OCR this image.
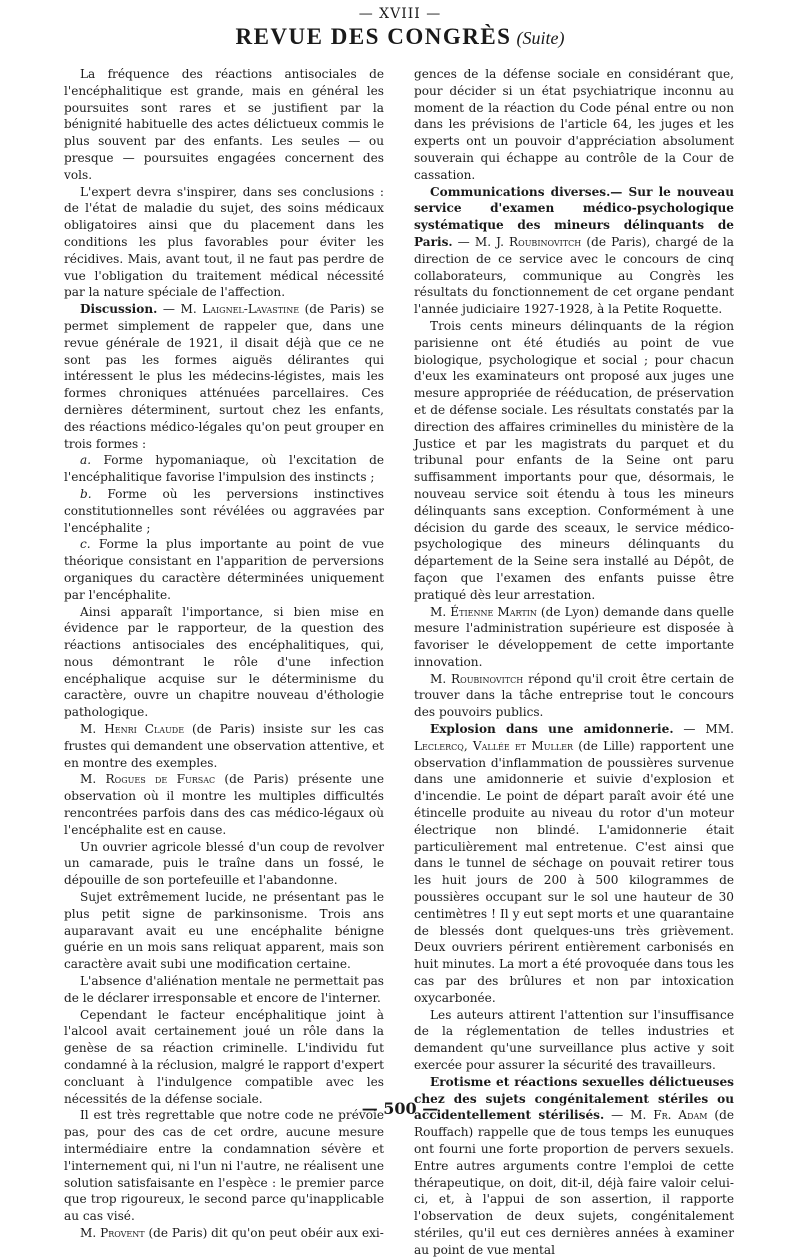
— XVIII —
REVUE DES CONGRÈS (Suite)

La fréquence des réactions antisociales de l'encéphalitique est grande, mais en général les poursuites sont rares et se justifient par la bénignité habituelle des actes délictueux commis le plus souvent par des enfants. Les seules — ou presque — poursuites engagées concernent des vols.

L'expert devra s'inspirer, dans ses conclusions : de l'état de maladie du sujet, des soins médicaux obligatoires ainsi que du placement dans les conditions les plus favorables pour éviter les récidives. Mais, avant tout, il ne faut pas perdre de vue l'obligation du traitement médical nécessité par la nature spéciale de l'affection.

Discussion. — M. Laignel-Lavastine (de Paris) se permet simplement de rappeler que, dans une revue générale de 1921, il disait déjà que ce ne sont pas les formes aiguës délirantes qui intéressent le plus les médecins-légistes, mais les formes chroniques atténuées parcellaires. Ces dernières déterminent, surtout chez les enfants, des réactions médico-légales qu'on peut grouper en trois formes :

a. Forme hypomaniaque, où l'excitation de l'encéphalitique favorise l'impulsion des instincts ;

b. Forme où les perversions instinctives constitutionnelles sont révélées ou aggravées par l'encéphalite ;

c. Forme la plus importante au point de vue théorique consistant en l'apparition de perversions organiques du caractère déterminées uniquement par l'encéphalite.

Ainsi apparaît l'importance, si bien mise en évidence par le rapporteur, de la question des réactions antisociales des encéphalitiques, qui, nous démontrant le rôle d'une infection encéphalique acquise sur le déterminisme du caractère, ouvre un chapitre nouveau d'éthologie pathologique.

M. Henri Claude (de Paris) insiste sur les cas frustes qui demandent une observation attentive, et en montre des exemples.

M. Rogues de Fursac (de Paris) présente une observation où il montre les multiples difficultés rencontrées parfois dans des cas médico-légaux où l'encéphalite est en cause.

Un ouvrier agricole blessé d'un coup de revolver un camarade, puis le traîne dans un fossé, le dépouille de son portefeuille et l'abandonne.

Sujet extrêmement lucide, ne présentant pas le plus petit signe de parkinsonisme. Trois ans auparavant avait eu une encéphalite bénigne guérie en un mois sans reliquat apparent, mais son caractère avait subi une modification certaine.

L'absence d'aliénation mentale ne permettait pas de le déclarer irresponsable et encore de l'interner.

Cependant le facteur encéphalitique joint à l'alcool avait certainement joué un rôle dans la genèse de sa réaction criminelle. L'individu fut condamné à la réclusion, malgré le rapport d'expert concluant à l'indulgence compatible avec les nécessités de la défense sociale.

Il est très regrettable que notre code ne prévoie pas, pour des cas de cet ordre, aucune mesure intermédiaire entre la condamnation sévère et l'internement qui, ni l'un ni l'autre, ne réalisent une solution satisfaisante en l'espèce : le premier parce que trop rigoureux, le second parce qu'inapplicable au cas visé.

M. Provent (de Paris) dit qu'on peut obéir aux exi-

gences de la défense sociale en considérant que, pour décider si un état psychiatrique inconnu au moment de la réaction du Code pénal entre ou non dans les prévisions de l'article 64, les juges et les experts ont un pouvoir d'appréciation absolument souverain qui échappe au contrôle de la Cour de cassation.

Communications diverses.— Sur le nouveau service d'examen médico-psychologique systématique des mineurs délinquants de Paris. — M. J. Roubinovitch (de Paris), chargé de la direction de ce service avec le concours de cinq collaborateurs, communique au Congrès les résultats du fonctionnement de cet organe pendant l'année judiciaire 1927-1928, à la Petite Roquette.

Trois cents mineurs délinquants de la région parisienne ont été étudiés au point de vue biologique, psychologique et social ; pour chacun d'eux les examinateurs ont proposé aux juges une mesure appropriée de rééducation, de préservation et de défense sociale. Les résultats constatés par la direction des affaires criminelles du ministère de la Justice et par les magistrats du parquet et du tribunal pour enfants de la Seine ont paru suffisamment importants pour que, désormais, le nouveau service soit étendu à tous les mineurs délinquants sans exception. Conformément à une décision du garde des sceaux, le service médico-psychologique des mineurs délinquants du département de la Seine sera installé au Dépôt, de façon que l'examen des enfants puisse être pratiqué dès leur arrestation.

M. Étienne Martin (de Lyon) demande dans quelle mesure l'administration supérieure est disposée à favoriser le développement de cette importante innovation.

M. Roubinovitch répond qu'il croit être certain de trouver dans la tâche entreprise tout le concours des pouvoirs publics.

Explosion dans une amidonnerie. — MM. Leclercq, Vallée et Muller (de Lille) rapportent une observation d'inflammation de poussières survenue dans une amidonnerie et suivie d'explosion et d'incendie. Le point de départ paraît avoir été une étincelle produite au niveau du rotor d'un moteur électrique non blindé. L'amidonnerie était particulièrement mal entretenue. C'est ainsi que dans le tunnel de séchage on pouvait retirer tous les huit jours de 200 à 500 kilogrammes de poussières occupant sur le sol une hauteur de 30 centimètres ! Il y eut sept morts et une quarantaine de blessés dont quelques-uns très grièvement. Deux ouvriers périrent entièrement carbonisés en huit minutes. La mort a été provoquée dans tous les cas par des brûlures et non par intoxication oxycarbonée.

Les auteurs attirent l'attention sur l'insuffisance de la réglementation de telles industries et demandent qu'une surveillance plus active y soit exercée pour assurer la sécurité des travailleurs.

Erotisme et réactions sexuelles délictueuses chez des sujets congénitalement stériles ou accidentellement stérilisés. — M. Fr. Adam (de Rouffach) rappelle que de tous temps les eunuques ont fourni une forte proportion de pervers sexuels. Entre autres arguments contre l'emploi de cette thérapeutique, on doit, dit-il, déjà faire valoir celui-ci, et, à l'appui de son assertion, il rapporte l'observation de deux sujets, congénitalement stériles, qu'il eut ces dernières années à examiner au point de vue mental

— 500 —
